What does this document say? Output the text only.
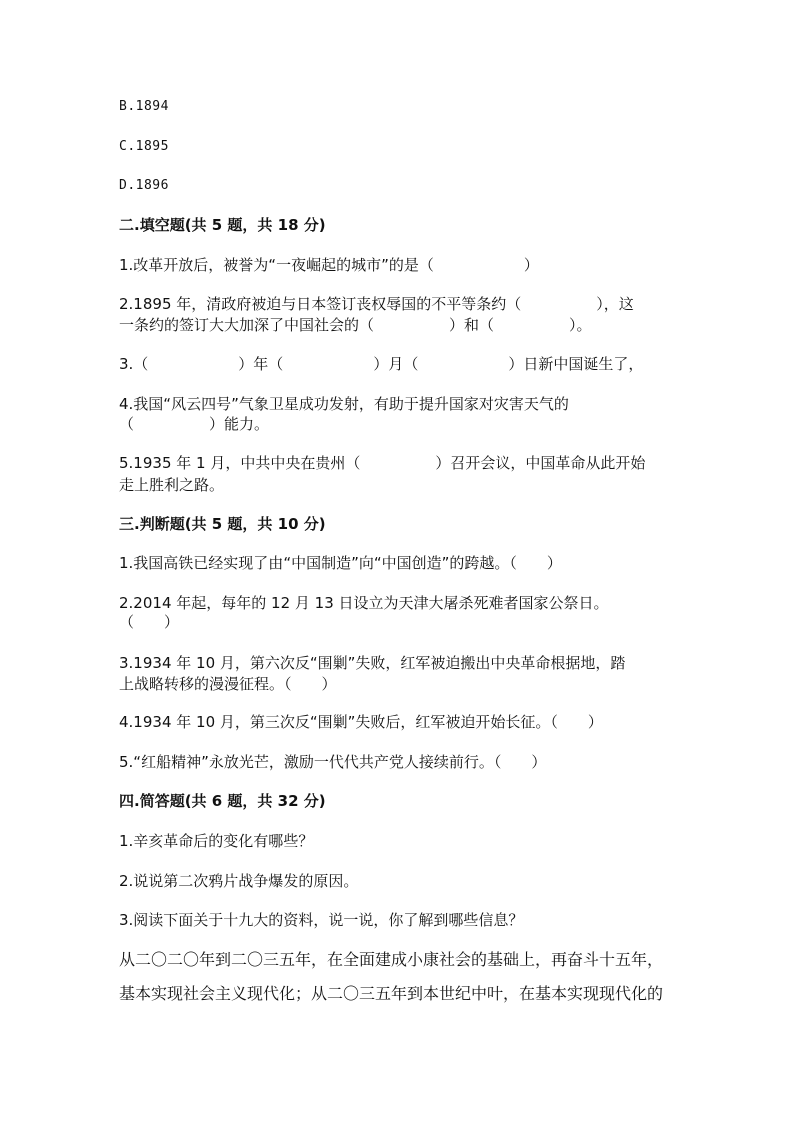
B.1894
C.1895
D.1896
二.填空题(共 5 题，共 18 分)
1.改革开放后，被誉为“一夜崛起的城市”的是（　　　　　　）
2.1895 年，清政府被迫与日本签订丧权辱国的不平等条约（　　　　　），这
一条约的签订大大加深了中国社会的（　　　　　）和（　　　　　）。
3.（　　　　　　）年（　　　　　　）月（　　　　　　）日新中国诞生了，
4.我国“风云四号”气象卫星成功发射，有助于提升国家对灾害天气的
（　　　　　）能力。
5.1935 年 1 月，中共中央在贵州（　　　　　）召开会议，中国革命从此开始
走上胜利之路。
三.判断题(共 5 题，共 10 分)
1.我国高铁已经实现了由“中国制造”向“中国创造”的跨越。（　　）
2.2014 年起，每年的 12 月 13 日设立为天津大屠杀死难者国家公祭日。
（　　）
3.1934 年 10 月，第六次反“围剿”失败，红军被迫搬出中央革命根据地，踏
上战略转移的漫漫征程。（　　）
4.1934 年 10 月，第三次反“围剿”失败后，红军被迫开始长征。（　　）
5.“红船精神”永放光芒，激励一代代共产党人接续前行。（　　）
四.简答题(共 6 题，共 32 分)
1.辛亥革命后的变化有哪些？
2.说说第二次鸦片战争爆发的原因。
3.阅读下面关于十九大的资料，说一说，你了解到哪些信息？
从二〇二〇年到二〇三五年，在全面建成小康社会的基础上，再奋斗十五年，
基本实现社会主义现代化；从二〇三五年到本世纪中叶，在基本实现现代化的
